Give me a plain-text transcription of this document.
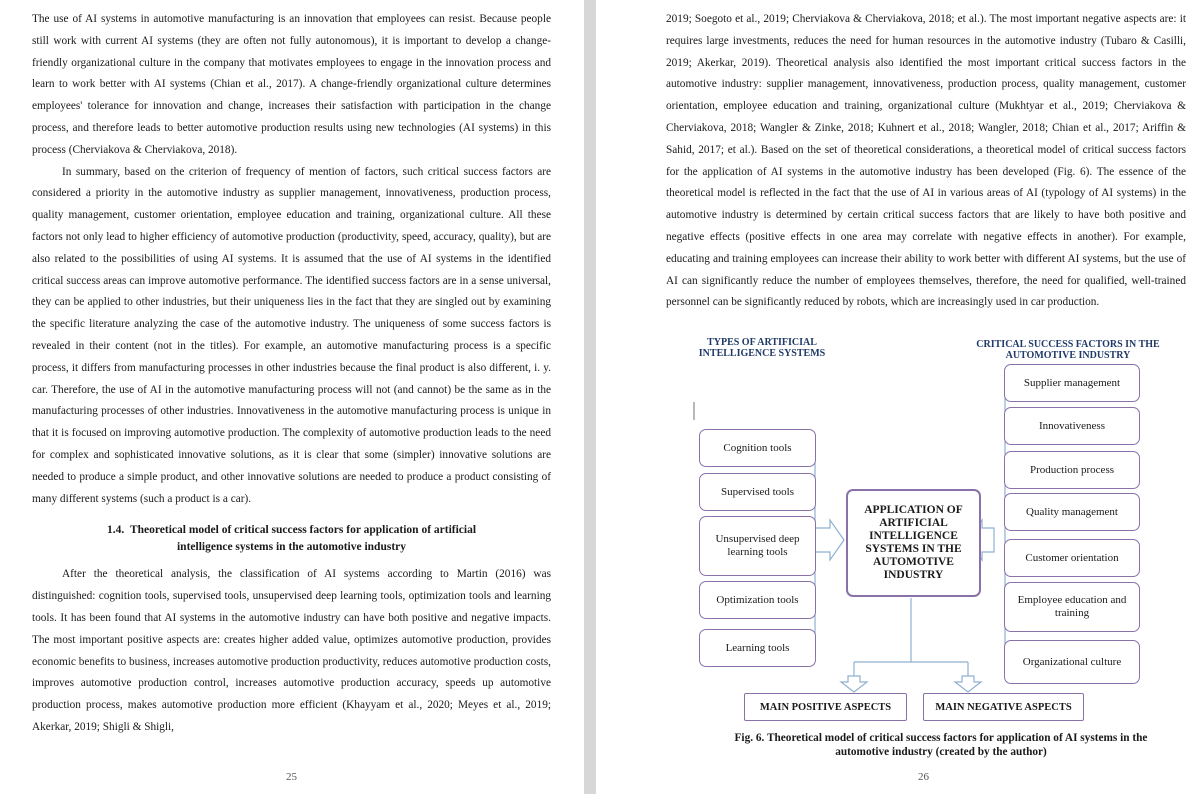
The use of AI systems in automotive manufacturing is an innovation that employees can resist. Because people still work with current AI systems (they are often not fully autonomous), it is important to develop a change-friendly organizational culture in the company that motivates employees to engage in the innovation process and learn to work better with AI systems (Chian et al., 2017). A change-friendly organizational culture determines employees' tolerance for innovation and change, increases their satisfaction with participation in the change process, and therefore leads to better automotive production results using new technologies (AI systems) in this process (Cherviakova & Cherviakova, 2018).

In summary, based on the criterion of frequency of mention of factors, such critical success factors are considered a priority in the automotive industry as supplier management, innovativeness, production process, quality management, customer orientation, employee education and training, organizational culture. All these factors not only lead to higher efficiency of automotive production (productivity, speed, accuracy, quality), but are also related to the possibilities of using AI systems. It is assumed that the use of AI systems in the identified critical success areas can improve automotive performance. The identified success factors are in a sense universal, they can be applied to other industries, but their uniqueness lies in the fact that they are singled out by examining the specific literature analyzing the case of the automotive industry. The uniqueness of some success factors is revealed in their content (not in the titles). For example, an automotive manufacturing process is a specific process, it differs from manufacturing processes in other industries because the final product is also different, i. y. car. Therefore, the use of AI in the automotive manufacturing process will not (and cannot) be the same as in the manufacturing processes of other industries. Innovativeness in the automotive manufacturing process is unique in that it is focused on improving automotive production. The complexity of automotive production leads to the need for complex and sophisticated innovative solutions, as it is clear that some (simpler) innovative solutions are needed to produce a simple product, and other innovative solutions are needed to produce a product consisting of many different systems (such a product is a car).

1.4.  Theoretical model of critical success factors for application of artificial
intelligence systems in the automotive industry

After the theoretical analysis, the classification of AI systems according to Martin (2016) was distinguished: cognition tools, supervised tools, unsupervised deep learning tools, optimization tools and learning tools. It has been found that AI systems in the automotive industry can have both positive and negative impacts. The most important positive aspects are: creates higher added value, optimizes automotive production, provides economic benefits to business, increases automotive production productivity, reduces automotive production costs, improves automotive production control, increases automotive production accuracy, speeds up automotive production process, makes automotive production more efficient (Khayyam et al., 2020; Meyes et al., 2019; Akerkar, 2019; Shigli & Shigli,

25

2019; Soegoto et al., 2019; Cherviakova & Cherviakova, 2018; et al.). The most important negative aspects are: it requires large investments, reduces the need for human resources in the automotive industry (Tubaro & Casilli, 2019; Akerkar, 2019). Theoretical analysis also identified the most important critical success factors in the automotive industry: supplier management, innovativeness, production process, quality management, customer orientation, employee education and training, organizational culture (Mukhtyar et al., 2019; Cherviakova & Cherviakova, 2018; Wangler & Zinke, 2018; Kuhnert et al., 2018; Wangler, 2018; Chian et al., 2017; Ariffin & Sahid, 2017; et al.). Based on the set of theoretical considerations, a theoretical model of critical success factors for the application of AI systems in the automotive industry has been developed (Fig. 6). The essence of the theoretical model is reflected in the fact that the use of AI in various areas of AI (typology of AI systems) in the automotive industry is determined by certain critical success factors that are likely to have both positive and negative effects (positive effects in one area may correlate with negative effects in another). For example, educating and training employees can increase their ability to work better with different AI systems, but the use of AI can significantly reduce the number of employees themselves, therefore, the need for qualified, well-trained personnel can be significantly reduced by robots, which are increasingly used in car production.

TYPES OF ARTIFICIAL
INTELLIGENCE SYSTEMS
CRITICAL SUCCESS FACTORS IN THE
AUTOMOTIVE INDUSTRY
Cognition tools
Supervised tools
Unsupervised deep learning tools
Optimization tools
Learning tools
APPLICATION OF ARTIFICIAL INTELLIGENCE SYSTEMS IN THE AUTOMOTIVE INDUSTRY
Supplier management
Innovativeness
Production process
Quality management
Customer orientation
Employee education and training
Organizational culture
MAIN POSITIVE ASPECTS	MAIN NEGATIVE ASPECTS
Fig. 6. Theoretical model of critical success factors for application of AI systems in the
automotive industry (created by the author)
26
